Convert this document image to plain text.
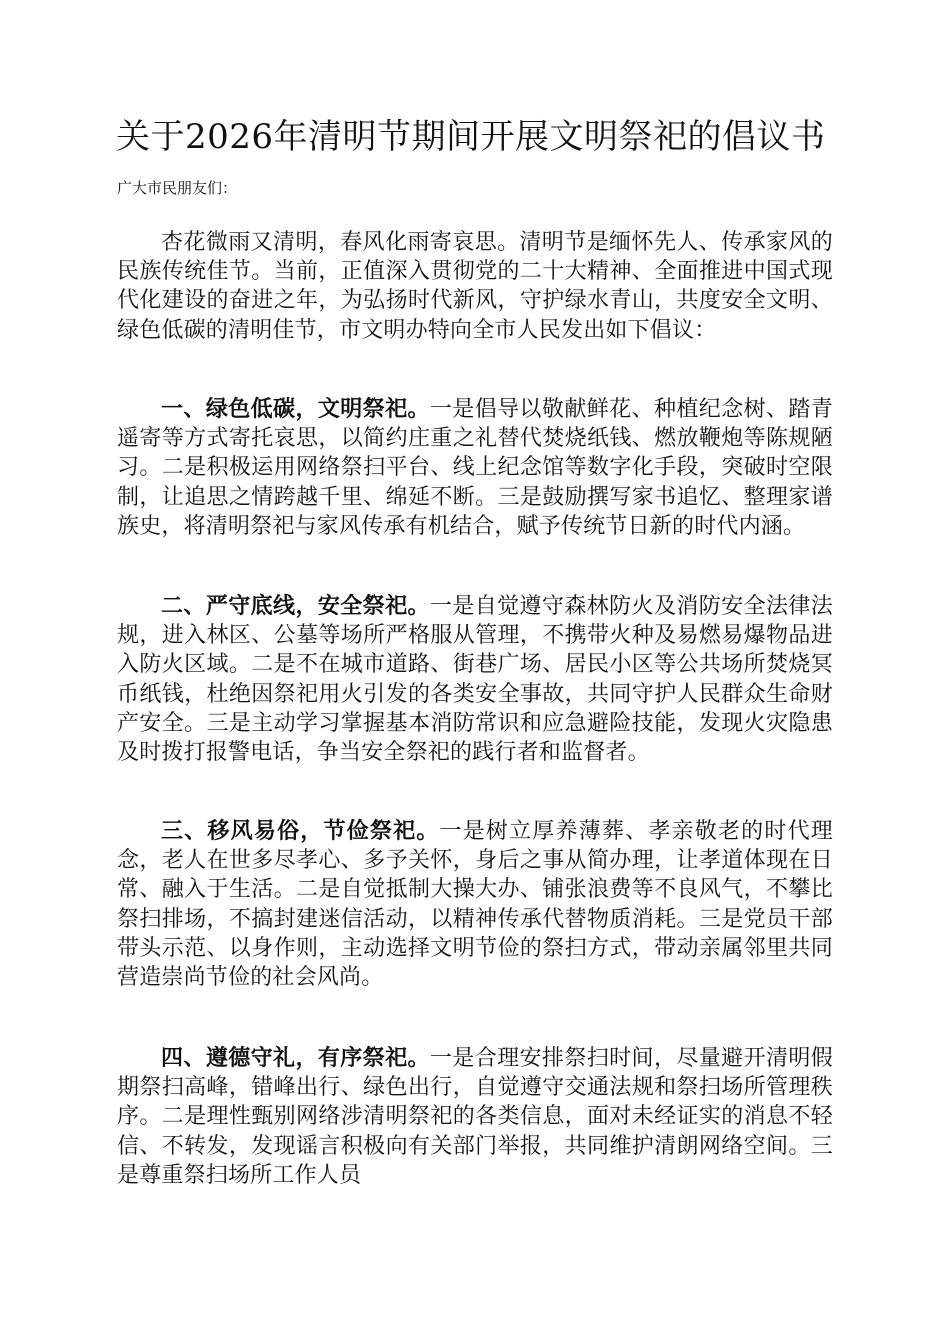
关于2026年清明节期间开展文明祭祀的倡议书

广大市民朋友们：

杏花微雨又清明，春风化雨寄哀思。清明节是缅怀先人、传承家风的民族传统佳节。当前，正值深入贯彻党的二十大精神、全面推进中国式现代化建设的奋进之年，为弘扬时代新风，守护绿水青山，共度安全文明、绿色低碳的清明佳节，市文明办特向全市人民发出如下倡议：

一、绿色低碳，文明祭祀。一是倡导以敬献鲜花、种植纪念树、踏青遥寄等方式寄托哀思，以简约庄重之礼替代焚烧纸钱、燃放鞭炮等陈规陋习。二是积极运用网络祭扫平台、线上纪念馆等数字化手段，突破时空限制，让追思之情跨越千里、绵延不断。三是鼓励撰写家书追忆、整理家谱族史，将清明祭祀与家风传承有机结合，赋予传统节日新的时代内涵。

二、严守底线，安全祭祀。一是自觉遵守森林防火及消防安全法律法规，进入林区、公墓等场所严格服从管理，不携带火种及易燃易爆物品进入防火区域。二是不在城市道路、街巷广场、居民小区等公共场所焚烧冥币纸钱，杜绝因祭祀用火引发的各类安全事故，共同守护人民群众生命财产安全。三是主动学习掌握基本消防常识和应急避险技能，发现火灾隐患及时拨打报警电话，争当安全祭祀的践行者和监督者。

三、移风易俗，节俭祭祀。一是树立厚养薄葬、孝亲敬老的时代理念，老人在世多尽孝心、多予关怀，身后之事从简办理，让孝道体现在日常、融入于生活。二是自觉抵制大操大办、铺张浪费等不良风气，不攀比祭扫排场，不搞封建迷信活动，以精神传承代替物质消耗。三是党员干部带头示范、以身作则，主动选择文明节俭的祭扫方式，带动亲属邻里共同营造崇尚节俭的社会风尚。

四、遵德守礼，有序祭祀。一是合理安排祭扫时间，尽量避开清明假期祭扫高峰，错峰出行、绿色出行，自觉遵守交通法规和祭扫场所管理秩序。二是理性甄别网络涉清明祭祀的各类信息，面对未经证实的消息不轻信、不转发，发现谣言积极向有关部门举报，共同维护清朗网络空间。三是尊重祭扫场所工作人员
